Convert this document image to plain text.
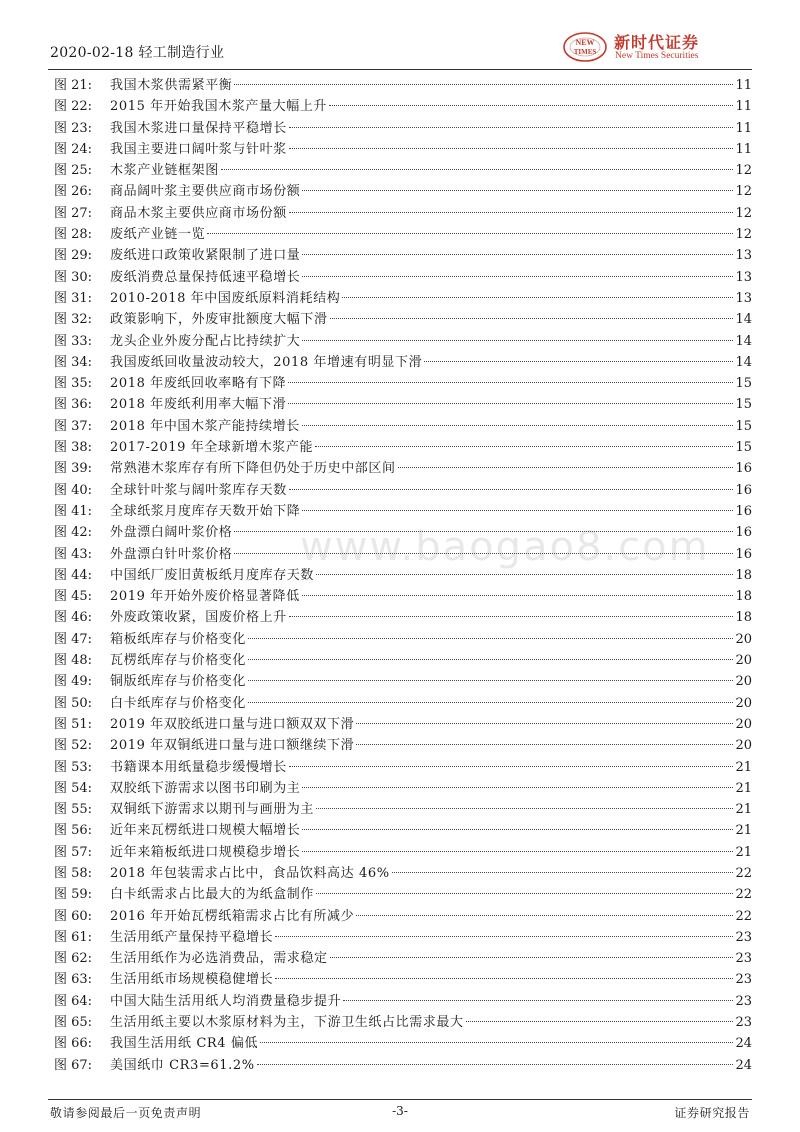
2020-02-18 轻工制造行业
NEW
TIMES 新时代证券
New Times Securities
图 21:	我国木浆供需紧平衡	11
图 22:	2015 年开始我国木浆产量大幅上升	11
图 23:	我国木浆进口量保持平稳增长	11
图 24:	我国主要进口阔叶浆与针叶浆	11
图 25:	木浆产业链框架图	12
图 26:	商品阔叶浆主要供应商市场份额	12
图 27:	商品木浆主要供应商市场份额	12
图 28:	废纸产业链一览	12
图 29:	废纸进口政策收紧限制了进口量	13
图 30:	废纸消费总量保持低速平稳增长	13
图 31:	2010-2018 年中国废纸原料消耗结构	13
图 32:	政策影响下，外废审批额度大幅下滑	14
图 33:	龙头企业外废分配占比持续扩大	14
图 34:	我国废纸回收量波动较大，2018 年增速有明显下滑	14
图 35:	2018 年废纸回收率略有下降	15
图 36:	2018 年废纸利用率大幅下滑	15
图 37:	2018 年中国木浆产能持续增长	15
图 38:	2017-2019 年全球新增木浆产能	15
图 39:	常熟港木浆库存有所下降但仍处于历史中部区间	16
图 40:	全球针叶浆与阔叶浆库存天数	16
图 41:	全球纸浆月度库存天数开始下降	16
图 42:	外盘漂白阔叶浆价格	16
图 43:	外盘漂白针叶浆价格	16
图 44:	中国纸厂废旧黄板纸月度库存天数	18
图 45:	2019 年开始外废价格显著降低	18
图 46:	外废政策收紧，国废价格上升	18
图 47:	箱板纸库存与价格变化	20
图 48:	瓦楞纸库存与价格变化	20
图 49:	铜版纸库存与价格变化	20
图 50:	白卡纸库存与价格变化	20
图 51:	2019 年双胶纸进口量与进口额双双下滑	20
图 52:	2019 年双铜纸进口量与进口额继续下滑	20
图 53:	书籍课本用纸量稳步缓慢增长	21
图 54:	双胶纸下游需求以图书印刷为主	21
图 55:	双铜纸下游需求以期刊与画册为主	21
图 56:	近年来瓦楞纸进口规模大幅增长	21
图 57:	近年来箱板纸进口规模稳步增长	21
图 58:	2018 年包装需求占比中，食品饮料高达 46%	22
图 59:	白卡纸需求占比最大的为纸盒制作	22
图 60:	2016 年开始瓦楞纸箱需求占比有所减少	22
图 61:	生活用纸产量保持平稳增长	23
图 62:	生活用纸作为必选消费品，需求稳定	23
图 63:	生活用纸市场规模稳健增长	23
图 64:	中国大陆生活用纸人均消费量稳步提升	23
图 65:	生活用纸主要以木浆原材料为主，下游卫生纸占比需求最大	23
图 66:	我国生活用纸 CR4 偏低	24
图 67:	美国纸巾 CR3=61.2%	24
www.baogao8.com
敬请参阅最后一页免责声明	-3-	证券研究报告
